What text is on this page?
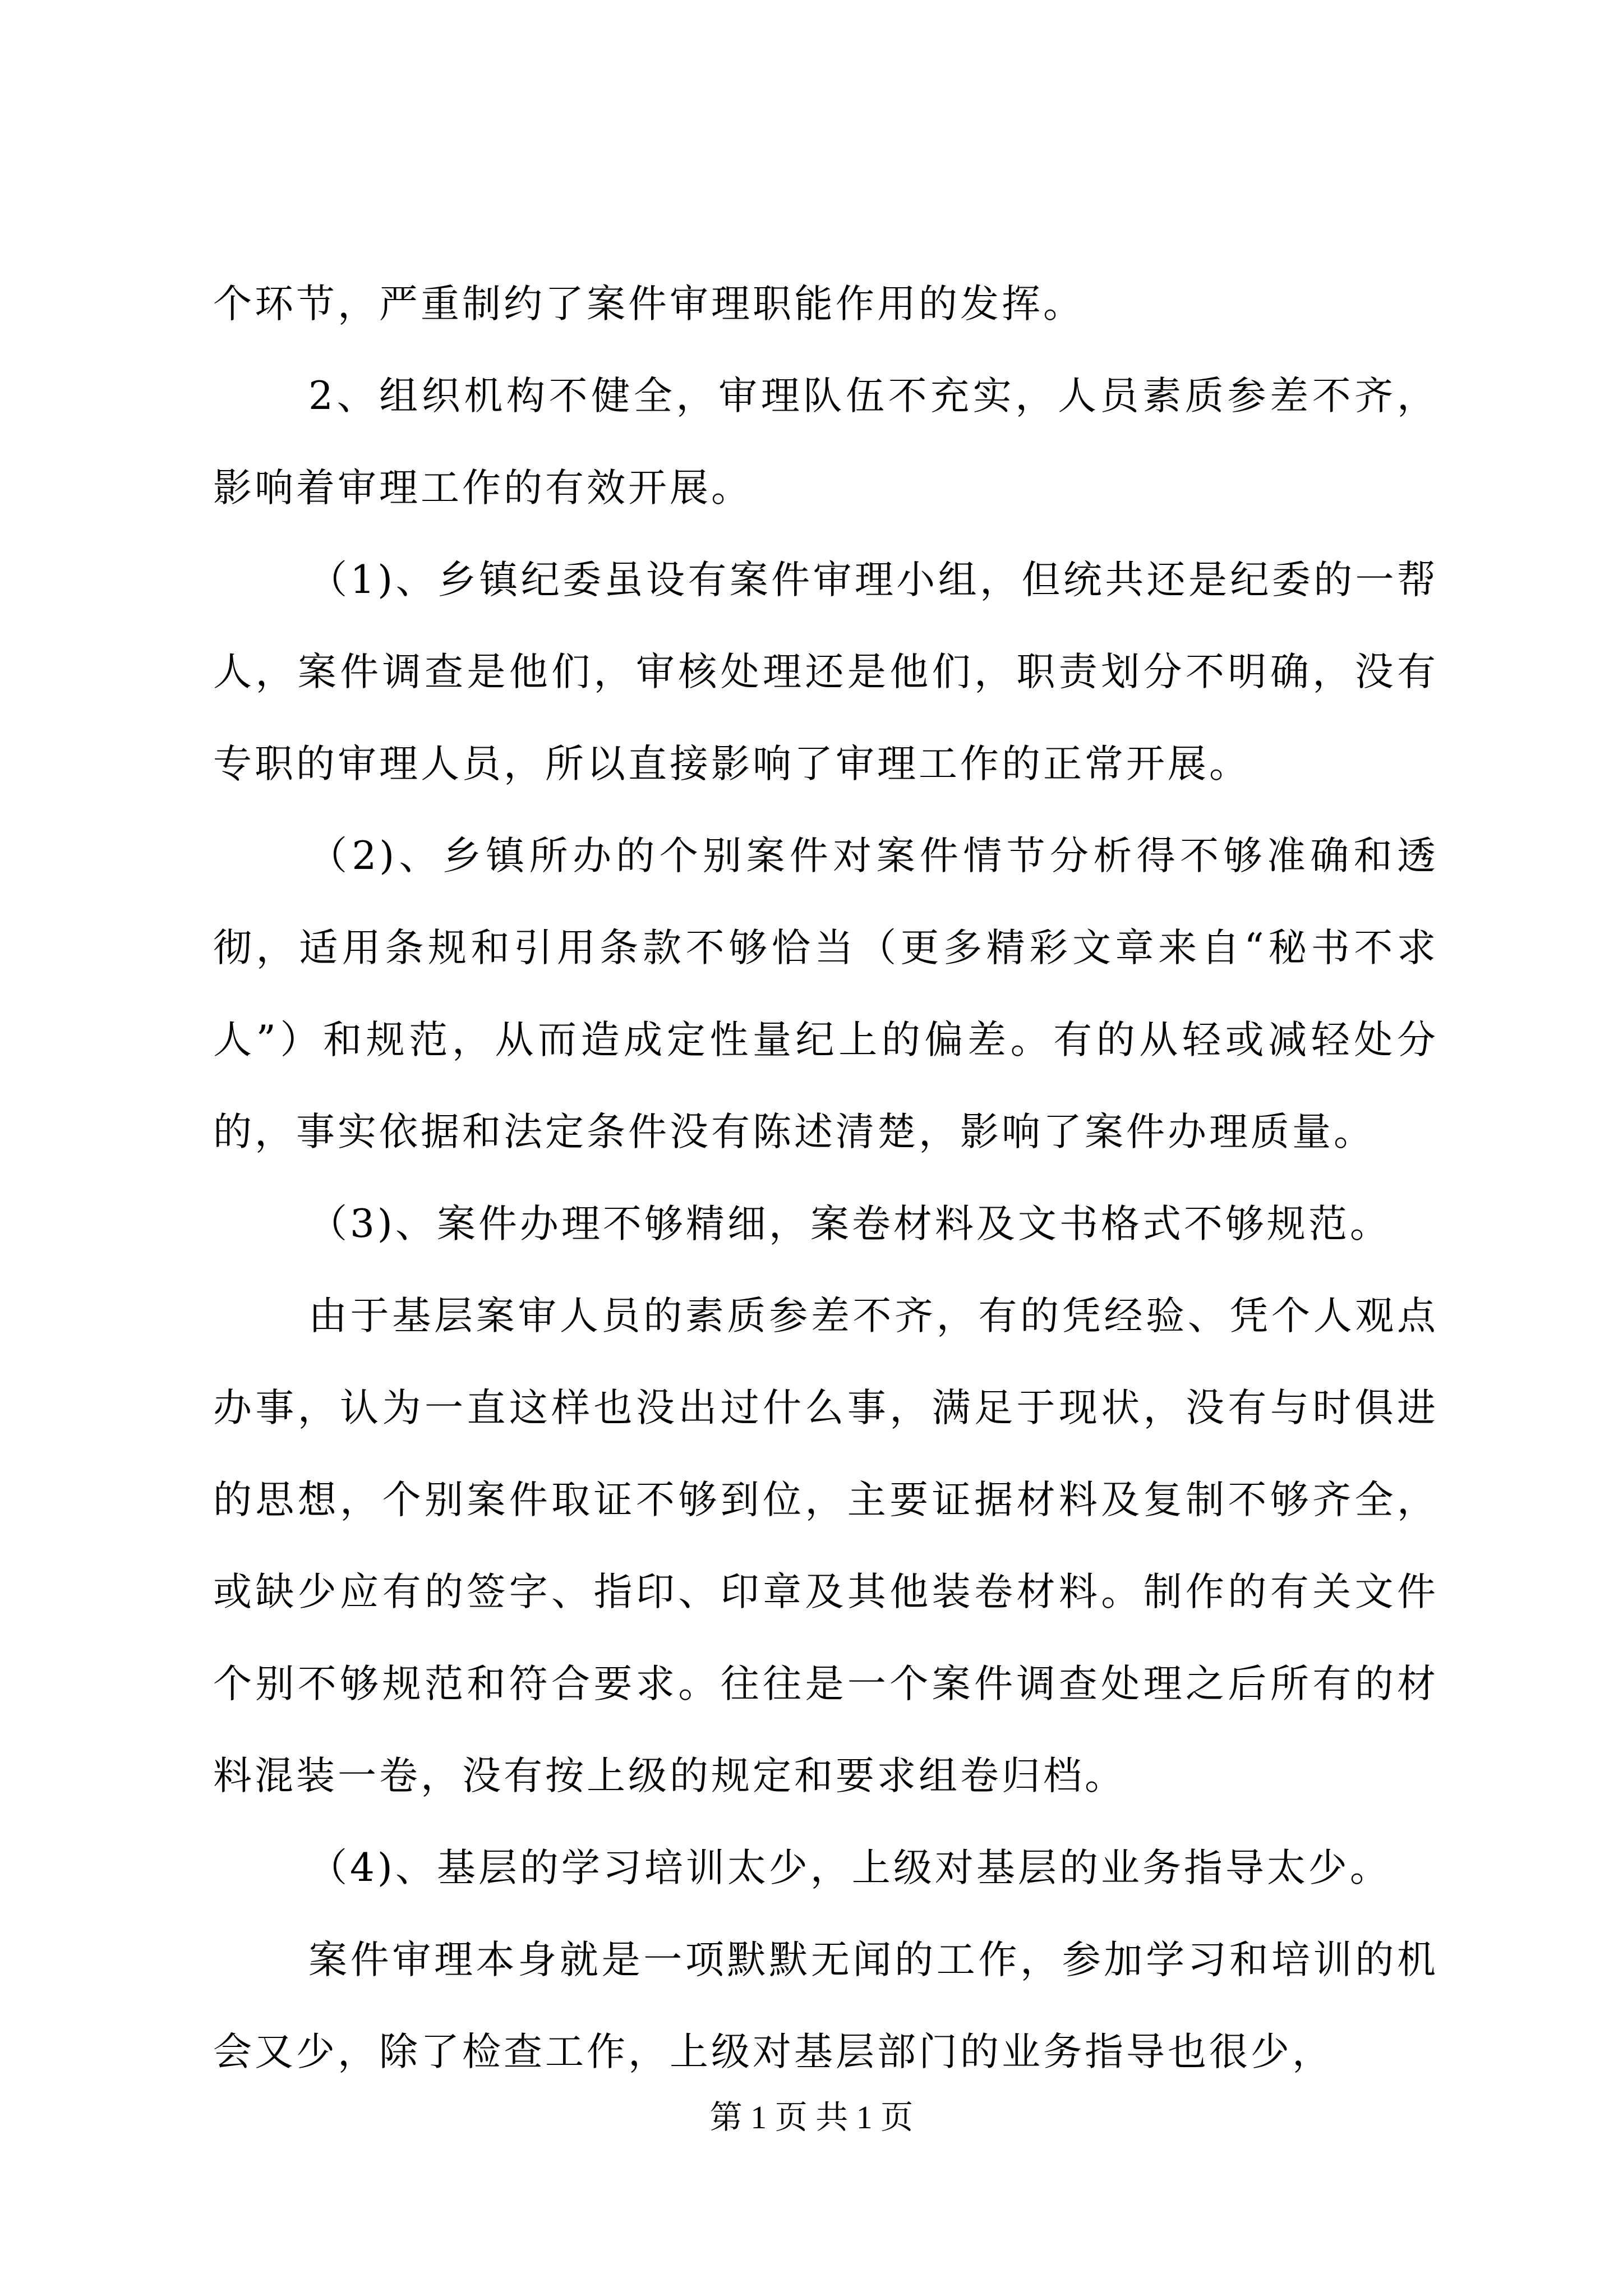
个环节，严重制约了案件审理职能作用的发挥。

2、组织机构不健全，审理队伍不充实，人员素质参差不齐，影响着审理工作的有效开展。

（1)、乡镇纪委虽设有案件审理小组，但统共还是纪委的一帮人，案件调查是他们，审核处理还是他们，职责划分不明确，没有专职的审理人员，所以直接影响了审理工作的正常开展。

（2)、乡镇所办的个别案件对案件情节分析得不够准确和透彻，适用条规和引用条款不够恰当（更多精彩文章来自“秘书不求人”）和规范，从而造成定性量纪上的偏差。有的从轻或减轻处分的，事实依据和法定条件没有陈述清楚，影响了案件办理质量。

（3)、案件办理不够精细，案卷材料及文书格式不够规范。

由于基层案审人员的素质参差不齐，有的凭经验、凭个人观点办事，认为一直这样也没出过什么事，满足于现状，没有与时俱进的思想，个别案件取证不够到位，主要证据材料及复制不够齐全，或缺少应有的签字、指印、印章及其他装卷材料。制作的有关文件个别不够规范和符合要求。往往是一个案件调查处理之后所有的材料混装一卷，没有按上级的规定和要求组卷归档。

（4)、基层的学习培训太少，上级对基层的业务指导太少。

案件审理本身就是一项默默无闻的工作，参加学习和培训的机会又少，除了检查工作，上级对基层部门的业务指导也很少，

第 1 页 共 1 页
